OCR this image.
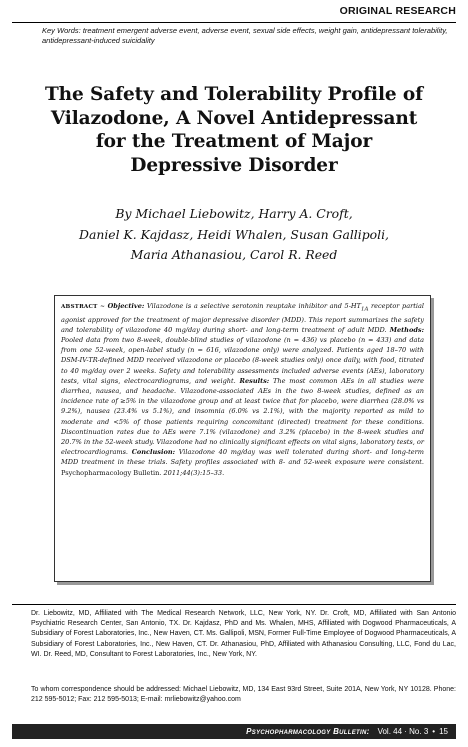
ORIGINAL RESEARCH
Key Words: treatment emergent adverse event, adverse event, sexual side effects, weight gain, antidepressant tolerability, antidepressant-induced suicidality
The Safety and Tolerability Profile of
Vilazodone, A Novel Antidepressant
for the Treatment of Major
Depressive Disorder
By Michael Liebowitz, Harry A. Croft,
Daniel K. Kajdasz, Heidi Whalen, Susan Gallipoli,
Maria Athanasiou, Carol R. Reed

ABSTRACT ~ Objective: Vilazodone is a selective serotonin reuptake inhibitor and $5-HT_{1A}$ receptor partial agonist approved for the treatment of major depressive disorder (MDD). This report summarizes the safety and tolerability of vilazodone 40 mg/day during short- and long-term treatment of adult MDD. Methods: Pooled data from two 8-week, double-blind studies of vilazodone (n = 436) vs placebo (n = 433) and data from one 52-week, open-label study (n = 616, vilazodone only) were analyzed. Patients aged 18–70 with DSM-IV-TR-defined MDD received vilazodone or placebo (8-week studies only) once daily, with food, titrated to 40 mg/day over 2 weeks. Safety and tolerability assessments included adverse events (AEs), laboratory tests, vital signs, electrocardiograms, and weight. Results: The most common AEs in all studies were diarrhea, nausea, and headache. Vilazodone-associated AEs in the two 8-week studies, defined as an incidence rate of ≥5% in the vilazodone group and at least twice that for placebo, were diarrhea (28.0% vs 9.2%), nausea (23.4% vs 5.1%), and insomnia (6.0% vs 2.1%), with the majority reported as mild to moderate and <5% of those patients requiring concomitant (directed) treatment for these conditions. Discontinuation rates due to AEs were 7.1% (vilazodone) and 3.2% (placebo) in the 8-week studies and 20.7% in the 52-week study. Vilazodone had no clinically significant effects on vital signs, laboratory tests, or electrocardiograms. Conclusion: Vilazodone 40 mg/day was well tolerated during short- and long-term MDD treatment in these trials. Safety profiles associated with 8- and 52-week exposure were consistent. Psychopharmacology Bulletin. 2011;44(3):15–33.

Dr. Liebowitz, MD, Affiliated with The Medical Research Network, LLC, New York, NY. Dr. Croft, MD, Affiliated with San Antonio Psychiatric Research Center, San Antonio, TX. Dr. Kajdasz, PhD and Ms. Whalen, MHS, Affiliated with Dogwood Pharmaceuticals, A Subsidiary of Forest Laboratories, Inc., New Haven, CT. Ms. Gallipoli, MSN, Former Full-Time Employee of Dogwood Pharmaceuticals, A Subsidiary of Forest Laboratories, Inc., New Haven, CT. Dr. Athanasiou, PhD, Affiliated with Athanasiou Consulting, LLC, Fond du Lac, WI. Dr. Reed, MD, Consultant to Forest Laboratories, Inc., New York, NY.

To whom correspondence should be addressed: Michael Liebowitz, MD, 134 East 93rd Street, Suite 201A, New York, NY 10128. Phone: 212 595-5012; Fax: 212 595-5013; E-mail: mrliebowitz@yahoo.com

Psychopharmacology Bulletin: Vol. 44 · No. 3 • 15
